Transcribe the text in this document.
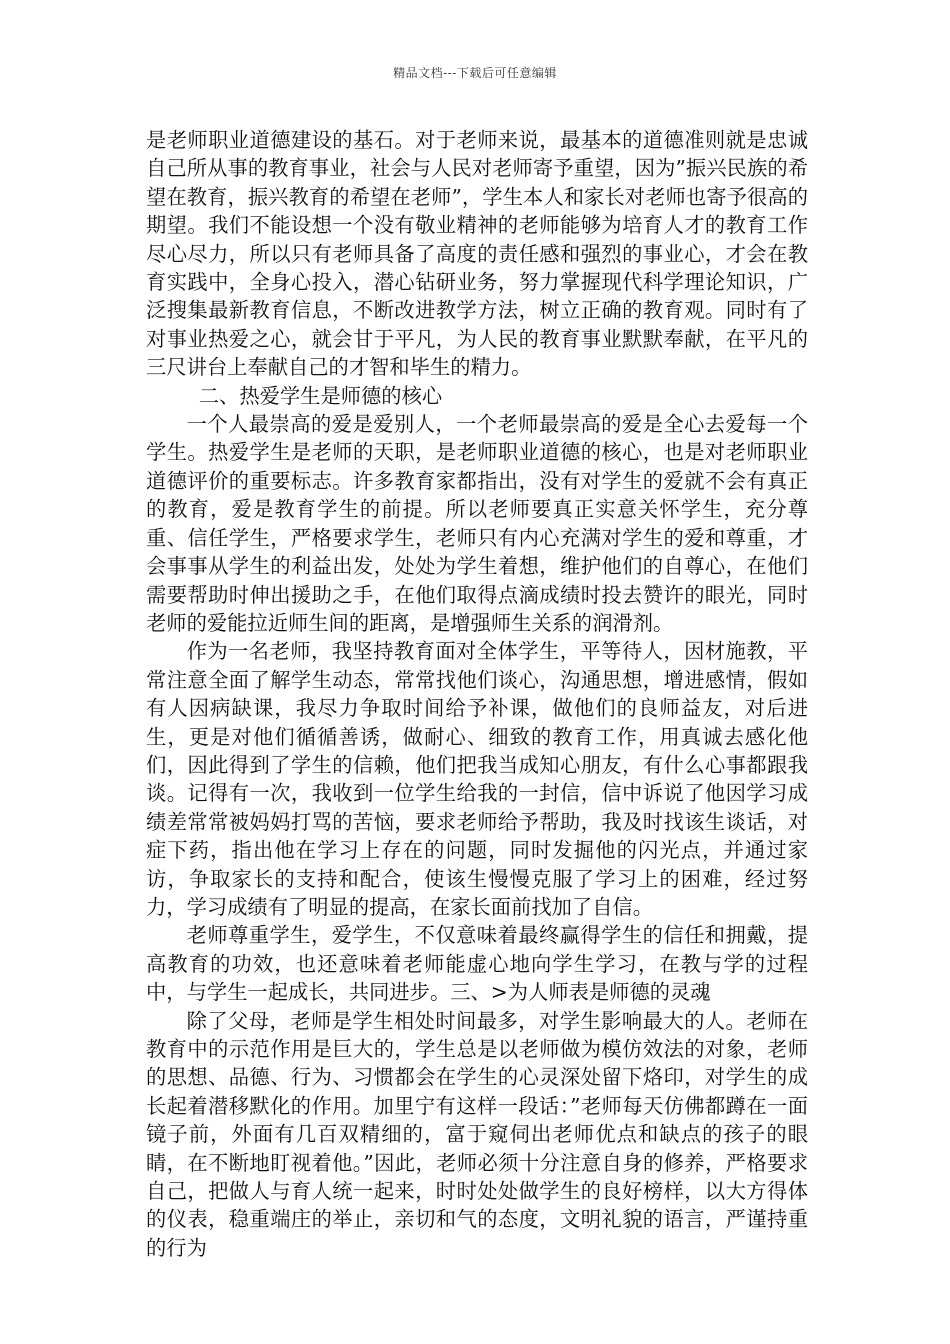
精品文档---下载后可任意编辑

是老师职业道德建设的基石。对于老师来说，最基本的道德准则就是忠诚自己所从事的教育事业，社会与人民对老师寄予重望，因为”振兴民族的希望在教育，振兴教育的希望在老师”，学生本人和家长对老师也寄予很高的期望。我们不能设想一个没有敬业精神的老师能够为培育人才的教育工作尽心尽力，所以只有老师具备了高度的责任感和强烈的事业心，才会在教育实践中，全身心投入，潜心钻研业务，努力掌握现代科学理论知识，广泛搜集最新教育信息，不断改进教学方法，树立正确的教育观。同时有了对事业热爱之心，就会甘于平凡，为人民的教育事业默默奉献，在平凡的三尺讲台上奉献自己的才智和毕生的精力。

二、热爱学生是师德的核心

一个人最崇高的爱是爱别人，一个老师最崇高的爱是全心去爱每一个学生。热爱学生是老师的天职，是老师职业道德的核心，也是对老师职业道德评价的重要标志。许多教育家都指出，没有对学生的爱就不会有真正的教育，爱是教育学生的前提。所以老师要真正实意关怀学生，充分尊重、信任学生，严格要求学生，老师只有内心充满对学生的爱和尊重，才会事事从学生的利益出发，处处为学生着想，维护他们的自尊心，在他们需要帮助时伸出援助之手，在他们取得点滴成绩时投去赞许的眼光，同时老师的爱能拉近师生间的距离，是增强师生关系的润滑剂。

作为一名老师，我坚持教育面对全体学生，平等待人，因材施教，平常注意全面了解学生动态，常常找他们谈心，沟通思想，增进感情，假如有人因病缺课，我尽力争取时间给予补课，做他们的良师益友，对后进生，更是对他们循循善诱，做耐心、细致的教育工作，用真诚去感化他们，因此得到了学生的信赖，他们把我当成知心朋友，有什么心事都跟我谈。记得有一次，我收到一位学生给我的一封信，信中诉说了他因学习成绩差常常被妈妈打骂的苦恼，要求老师给予帮助，我及时找该生谈话，对症下药，指出他在学习上存在的问题，同时发掘他的闪光点，并通过家访，争取家长的支持和配合，使该生慢慢克服了学习上的困难，经过努力，学习成绩有了明显的提高，在家长面前找加了自信。

老师尊重学生，爱学生，不仅意味着最终赢得学生的信任和拥戴，提高教育的功效，也还意味着老师能虚心地向学生学习，在教与学的过程中，与学生一起成长，共同进步。三、>为人师表是师德的灵魂

除了父母，老师是学生相处时间最多，对学生影响最大的人。老师在教育中的示范作用是巨大的，学生总是以老师做为模仿效法的对象，老师的思想、品德、行为、习惯都会在学生的心灵深处留下烙印，对学生的成长起着潜移默化的作用。加里宁有这样一段话：”老师每天仿佛都蹲在一面镜子前，外面有几百双精细的，富于窥伺出老师优点和缺点的孩子的眼睛，在不断地盯视着他。”因此，老师必须十分注意自身的修养，严格要求自己，把做人与育人统一起来，时时处处做学生的良好榜样，以大方得体的仪表，稳重端庄的举止，亲切和气的态度，文明礼貌的语言，严谨持重的行为
